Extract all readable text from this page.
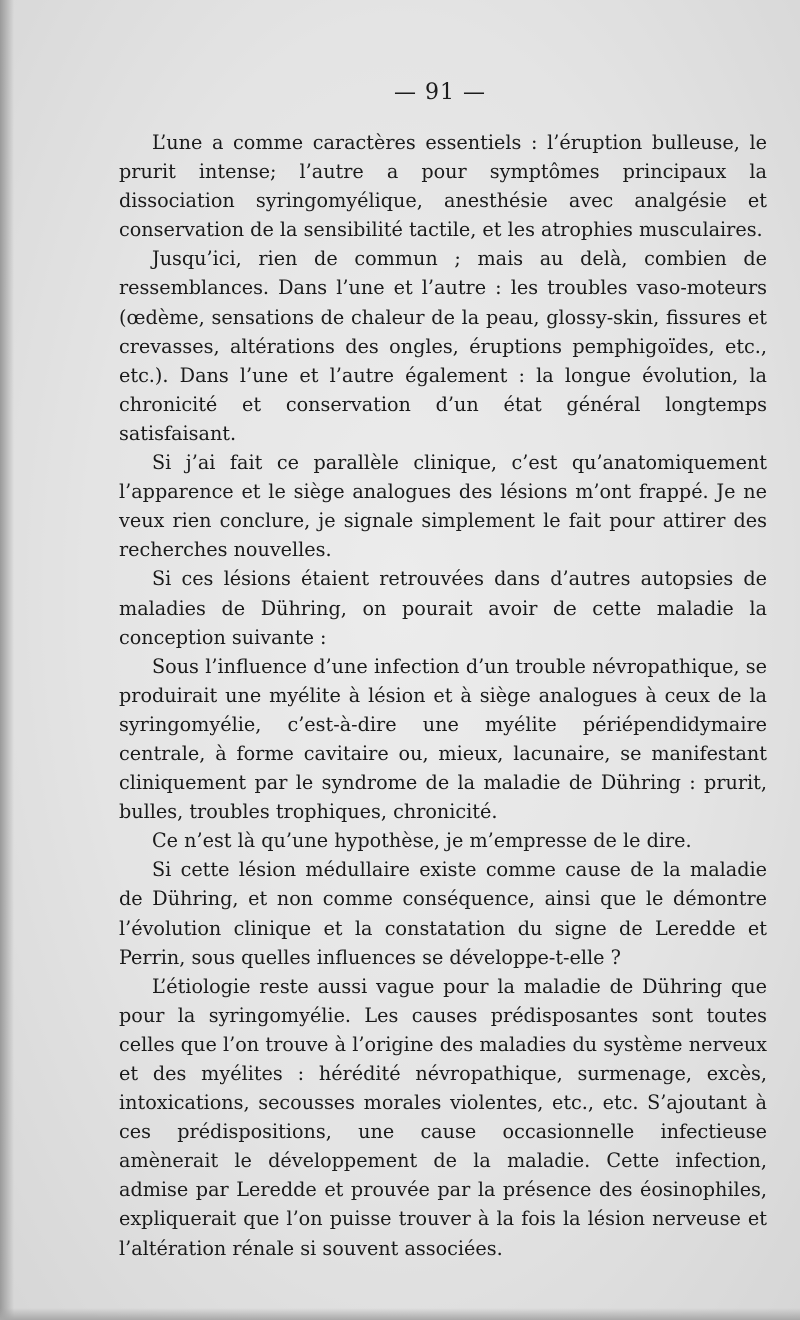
— 91 —

L’une a comme caractères essentiels : l’éruption bulleuse, le prurit intense; l’autre a pour symptômes principaux la dissociation syringomyélique, anesthésie avec analgésie et conservation de la sensibilité tactile, et les atrophies musculaires.

Jusqu’ici, rien de commun ; mais au delà, combien de ressemblances. Dans l’une et l’autre : les troubles vaso-moteurs (œdème, sensations de chaleur de la peau, glossy-skin, fissures et crevasses, altérations des ongles, éruptions pemphigoïdes, etc., etc.). Dans l’une et l’autre également : la longue évolution, la chronicité et conservation d’un état général longtemps satisfaisant.

Si j’ai fait ce parallèle clinique, c’est qu’anatomiquement l’apparence et le siège analogues des lésions m’ont frappé. Je ne veux rien conclure, je signale simplement le fait pour attirer des recherches nouvelles.

Si ces lésions étaient retrouvées dans d’autres autopsies de maladies de Dühring, on pourait avoir de cette maladie la conception suivante :

Sous l’influence d’une infection d’un trouble névropathique, se produirait une myélite à lésion et à siège analogues à ceux de la syringomyélie, c’est-à-dire une myélite périépendidymaire centrale, à forme cavitaire ou, mieux, lacunaire, se manifestant cliniquement par le syndrome de la maladie de Dühring : prurit, bulles, troubles trophiques, chronicité.

Ce n’est là qu’une hypothèse, je m’empresse de le dire.

Si cette lésion médullaire existe comme cause de la maladie de Dühring, et non comme conséquence, ainsi que le démontre l’évolution clinique et la constatation du signe de Leredde et Perrin, sous quelles influences se développe-t-elle ?

L’étiologie reste aussi vague pour la maladie de Dühring que pour la syringomyélie. Les causes prédisposantes sont toutes celles que l’on trouve à l’origine des maladies du système nerveux et des myélites : hérédité névropathique, surmenage, excès, intoxications, secousses morales violentes, etc., etc. S’ajoutant à ces prédispositions, une cause occasionnelle infectieuse amènerait le développement de la maladie. Cette infection, admise par Leredde et prouvée par la présence des éosinophiles, expliquerait que l’on puisse trouver à la fois la lésion nerveuse et l’altération rénale si souvent associées.
